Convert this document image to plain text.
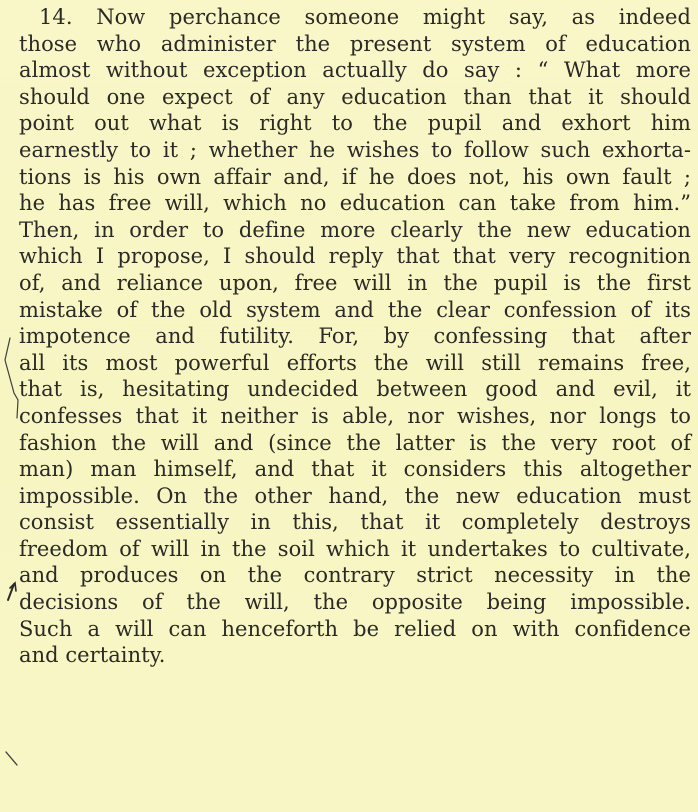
14. Now perchance someone might say, as indeed
those who administer the present system of education
almost without exception actually do say : “ What more
should one expect of any education than that it should
point out what is right to the pupil and exhort him
earnestly to it ; whether he wishes to follow such exhorta-
tions is his own affair and, if he does not, his own fault ;
he has free will, which no education can take from him.”
Then, in order to define more clearly the new education
which I propose, I should reply that that very recognition
of, and reliance upon, free will in the pupil is the first
mistake of the old system and the clear confession of its
impotence and futility. For, by confessing that after
all its most powerful efforts the will still remains free,
that is, hesitating undecided between good and evil, it
confesses that it neither is able, nor wishes, nor longs to
fashion the will and (since the latter is the very root of
man) man himself, and that it considers this altogether
impossible. On the other hand, the new education must
consist essentially in this, that it completely destroys
freedom of will in the soil which it undertakes to cultivate,
and produces on the contrary strict necessity in the
decisions of the will, the opposite being impossible.
Such a will can henceforth be relied on with confidence
and certainty.
